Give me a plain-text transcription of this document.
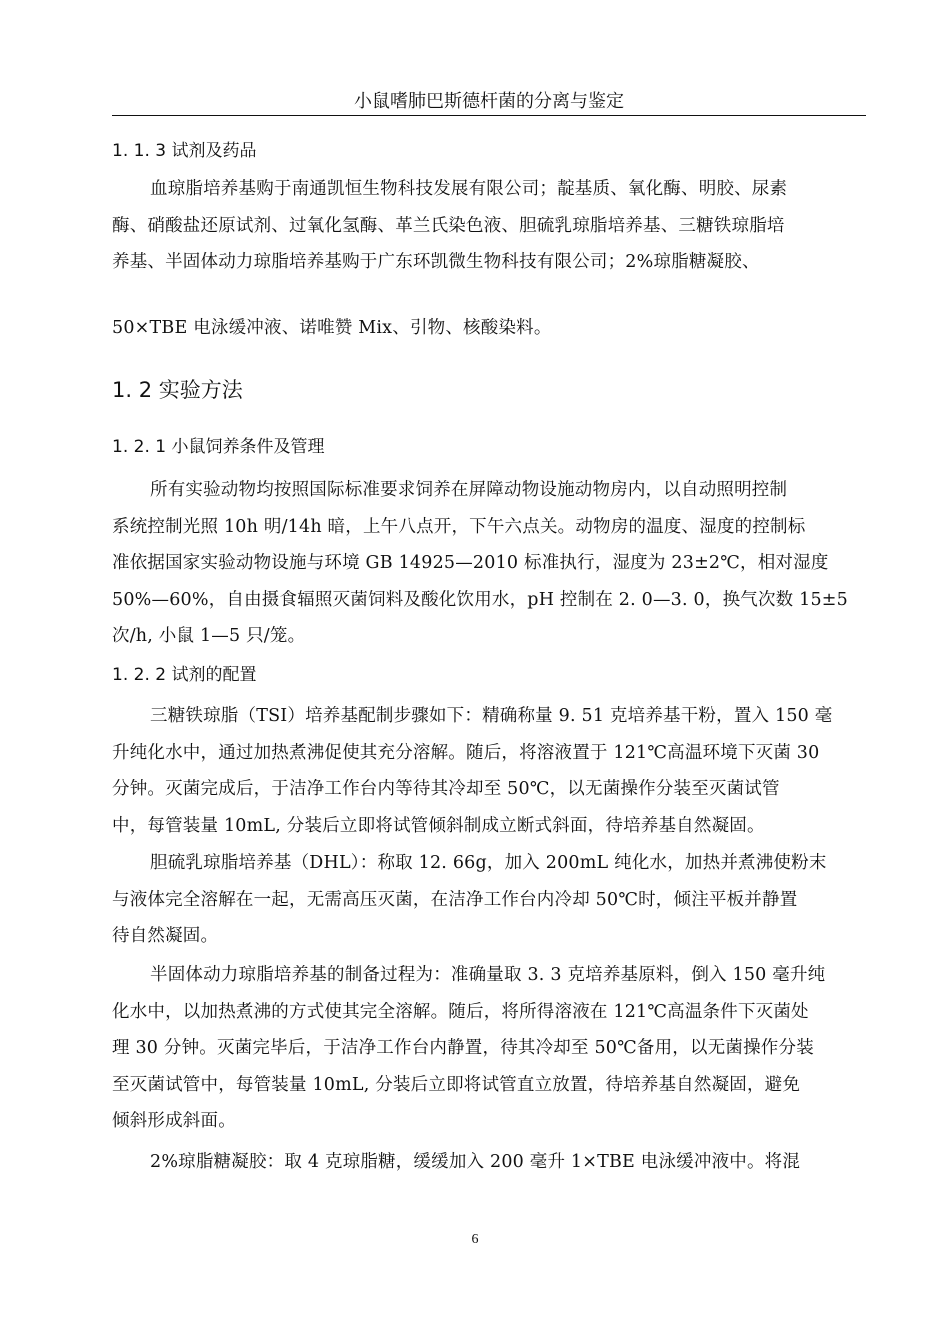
小鼠嗜肺巴斯德杆菌的分离与鉴定
1. 1. 3 试剂及药品
血琼脂培养基购于南通凯恒生物科技发展有限公司；靛基质、氧化酶、明胶、尿素
酶、硝酸盐还原试剂、过氧化氢酶、革兰氏染色液、胆硫乳琼脂培养基、三糖铁琼脂培
养基、半固体动力琼脂培养基购于广东环凯微生物科技有限公司；2%琼脂糖凝胶、
50×TBE 电泳缓冲液、诺唯赞 Mix、引物、核酸染料。
1. 2 实验方法
1. 2. 1 小鼠饲养条件及管理
所有实验动物均按照国际标准要求饲养在屏障动物设施动物房内，以自动照明控制
系统控制光照 10h 明/14h 暗，上午八点开，下午六点关。动物房的温度、湿度的控制标
准依据国家实验动物设施与环境 GB 14925—2010 标准执行，湿度为 23±2℃，相对湿度
50%—60%，自由摄食辐照灭菌饲料及酸化饮用水，pH 控制在 2. 0—3. 0，换气次数 15±5
次/h, 小鼠 1—5 只/笼。
1. 2. 2 试剂的配置
三糖铁琼脂（TSI）培养基配制步骤如下：精确称量 9. 51 克培养基干粉，置入 150 毫
升纯化水中，通过加热煮沸促使其充分溶解。随后，将溶液置于 121℃高温环境下灭菌 30
分钟。灭菌完成后，于洁净工作台内等待其冷却至 50℃，以无菌操作分装至灭菌试管
中，每管装量 10mL, 分装后立即将试管倾斜制成立断式斜面，待培养基自然凝固。
胆硫乳琼脂培养基（DHL）：称取 12. 66g，加入 200mL 纯化水，加热并煮沸使粉末
与液体完全溶解在一起，无需高压灭菌，在洁净工作台内冷却 50℃时，倾注平板并静置
待自然凝固。
半固体动力琼脂培养基的制备过程为：准确量取 3. 3 克培养基原料，倒入 150 毫升纯
化水中，以加热煮沸的方式使其完全溶解。随后，将所得溶液在 121℃高温条件下灭菌处
理 30 分钟。灭菌完毕后，于洁净工作台内静置，待其冷却至 50℃备用，以无菌操作分装
至灭菌试管中，每管装量 10mL, 分装后立即将试管直立放置，待培养基自然凝固，避免
倾斜形成斜面。
2%琼脂糖凝胶：取 4 克琼脂糖，缓缓加入 200 毫升 1×TBE 电泳缓冲液中。将混
6
